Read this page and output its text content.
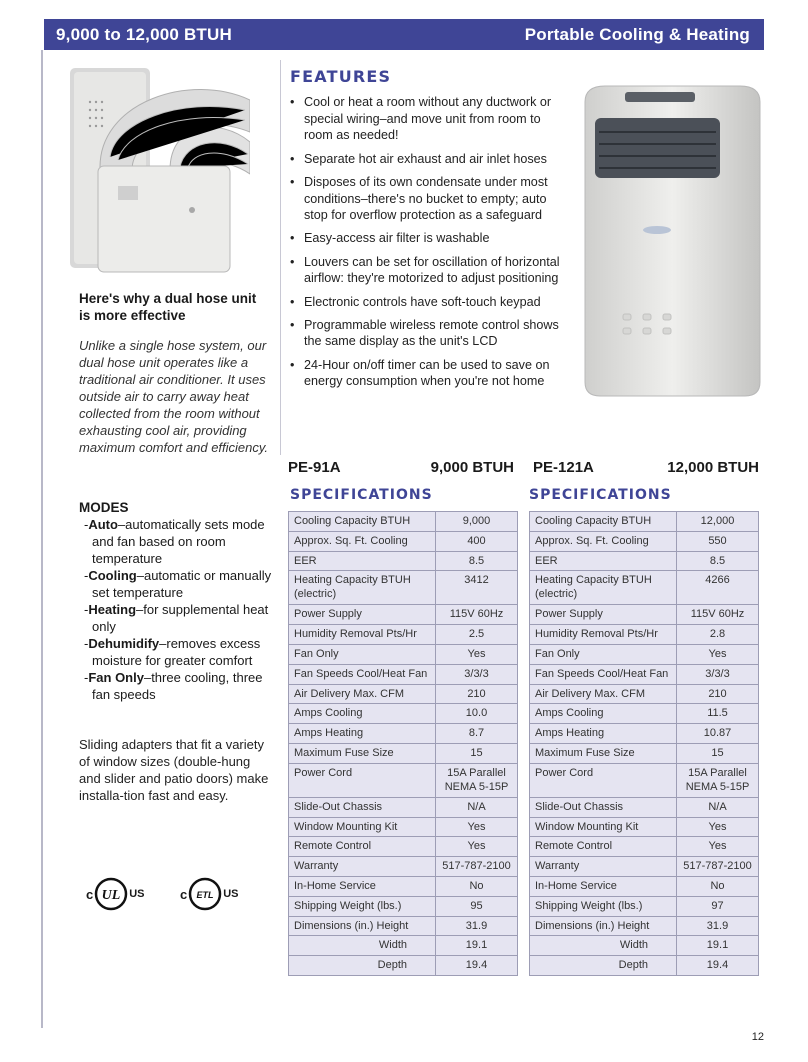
9,000 to 12,000 BTUH	Portable Cooling & Heating
FEATURES
• Cool or heat a room without any ductwork or special wiring–and move unit from room to room as needed!
• Separate hot air exhaust and air inlet hoses
• Disposes of its own condensate under most conditions–there's no bucket to empty; auto stop for overflow protection as a safeguard
• Easy-access air filter is washable
• Louvers can be set for oscillation of horizontal airflow: they're motorized to adjust positioning
• Electronic controls have soft-touch keypad
• Programmable wireless remote control shows the same display as the unit's LCD
• 24-Hour on/off timer can be used to save on energy consumption when you're not home
Here's why a dual hose unit is more effective
Unlike a single hose system, our dual hose unit operates like a traditional air conditioner. It uses outside air to carry away heat collected from the room without exhausting cool air, providing maximum comfort and efficiency.
MODES
-Auto–automatically sets mode and fan based on room temperature
-Cooling–automatic or manually set temperature
-Heating–for supplemental heat only
-Dehumidify–removes excess moisture for greater comfort
-Fan Only–three cooling, three fan speeds
Sliding adapters that fit a variety of window sizes (double-hung and slider and patio doors) make installa-tion fast and easy.
c UL US	c ETL US
PE-91A	9,000 BTUH PE-121A	12,000 BTUH
SPECIFICATIONS	SPECIFICATIONS
Cooling Capacity BTUH	9,000
Approx. Sq. Ft. Cooling	400
EER	8.5
Heating Capacity BTUH (electric)	3412
Power Supply	115V 60Hz
Humidity Removal Pts/Hr	2.5
Fan Only	Yes
Fan Speeds Cool/Heat Fan	3/3/3
Air Delivery Max. CFM	210
Amps Cooling	10.0
Amps Heating	8.7
Maximum Fuse Size	15
Power Cord	15A Parallel NEMA 5-15P
Slide-Out Chassis	N/A
Window Mounting Kit	Yes
Remote Control	Yes
Warranty	517-787-2100
In-Home Service	No
Shipping Weight (lbs.)	95
Dimensions (in.) Height	31.9
Width	19.1
Depth	19.4
Cooling Capacity BTUH	12,000
Approx. Sq. Ft. Cooling	550
EER	8.5
Heating Capacity BTUH (electric)	4266
Power Supply	115V 60Hz
Humidity Removal Pts/Hr	2.8
Fan Only	Yes
Fan Speeds Cool/Heat Fan	3/3/3
Air Delivery Max. CFM	210
Amps Cooling	11.5
Amps Heating	10.87
Maximum Fuse Size	15
Power Cord	15A Parallel NEMA 5-15P
Slide-Out Chassis	N/A
Window Mounting Kit	Yes
Remote Control	Yes
Warranty	517-787-2100
In-Home Service	No
Shipping Weight (lbs.)	97
Dimensions (in.) Height	31.9
Width	19.1
Depth	19.4
12
